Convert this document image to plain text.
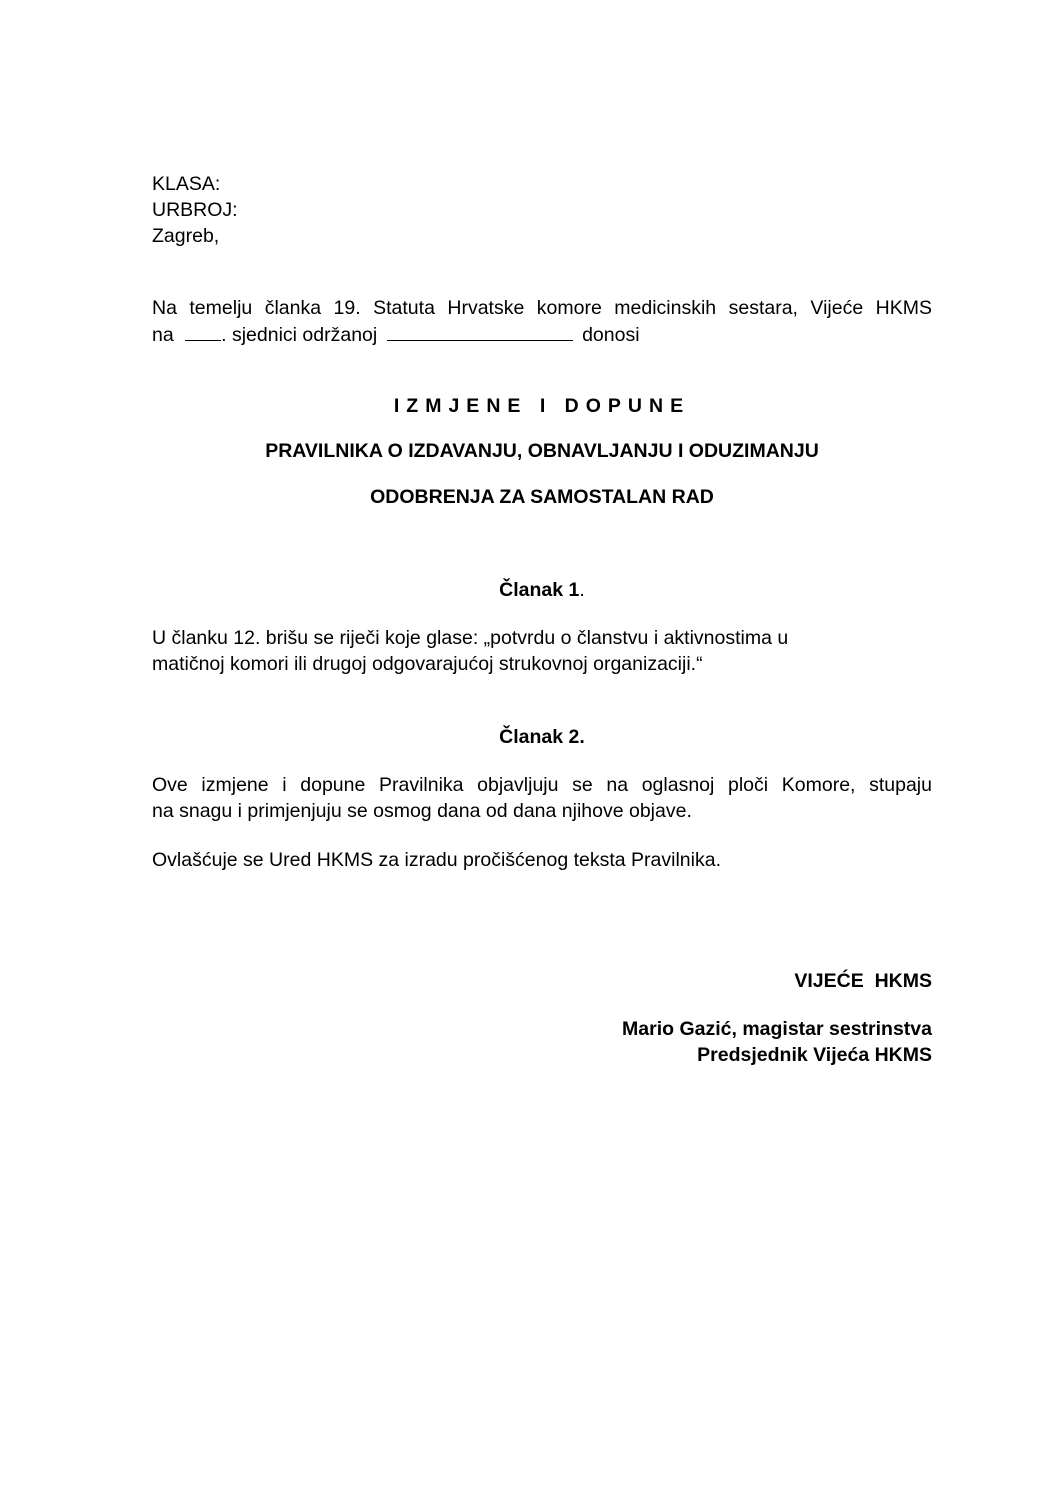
KLASA:
URBROJ:
Zagreb,
Na temelju članka 19. Statuta Hrvatske komore medicinskih sestara, Vijeće HKMS
na . sjednici održanoj	donosi
IZMJENE I DOPUNE
PRAVILNIKA O IZDAVANJU, OBNAVLJANJU I ODUZIMANJU
ODOBRENJA ZA SAMOSTALAN RAD
Članak 1.
U članku 12. brišu se riječi koje glase: „potvrdu o članstvu i aktivnostima u
matičnoj komori ili drugoj odgovarajućoj strukovnoj organizaciji.“
Članak 2.
Ove izmjene i dopune Pravilnika objavljuju se na oglasnoj ploči Komore, stupaju
na snagu i primjenjuju se osmog dana od dana njihove objave.
Ovlašćuje se Ured HKMS za izradu pročišćenog teksta Pravilnika.
VIJEĆE  HKMS
Mario Gazić, magistar sestrinstva
Predsjednik Vijeća HKMS
